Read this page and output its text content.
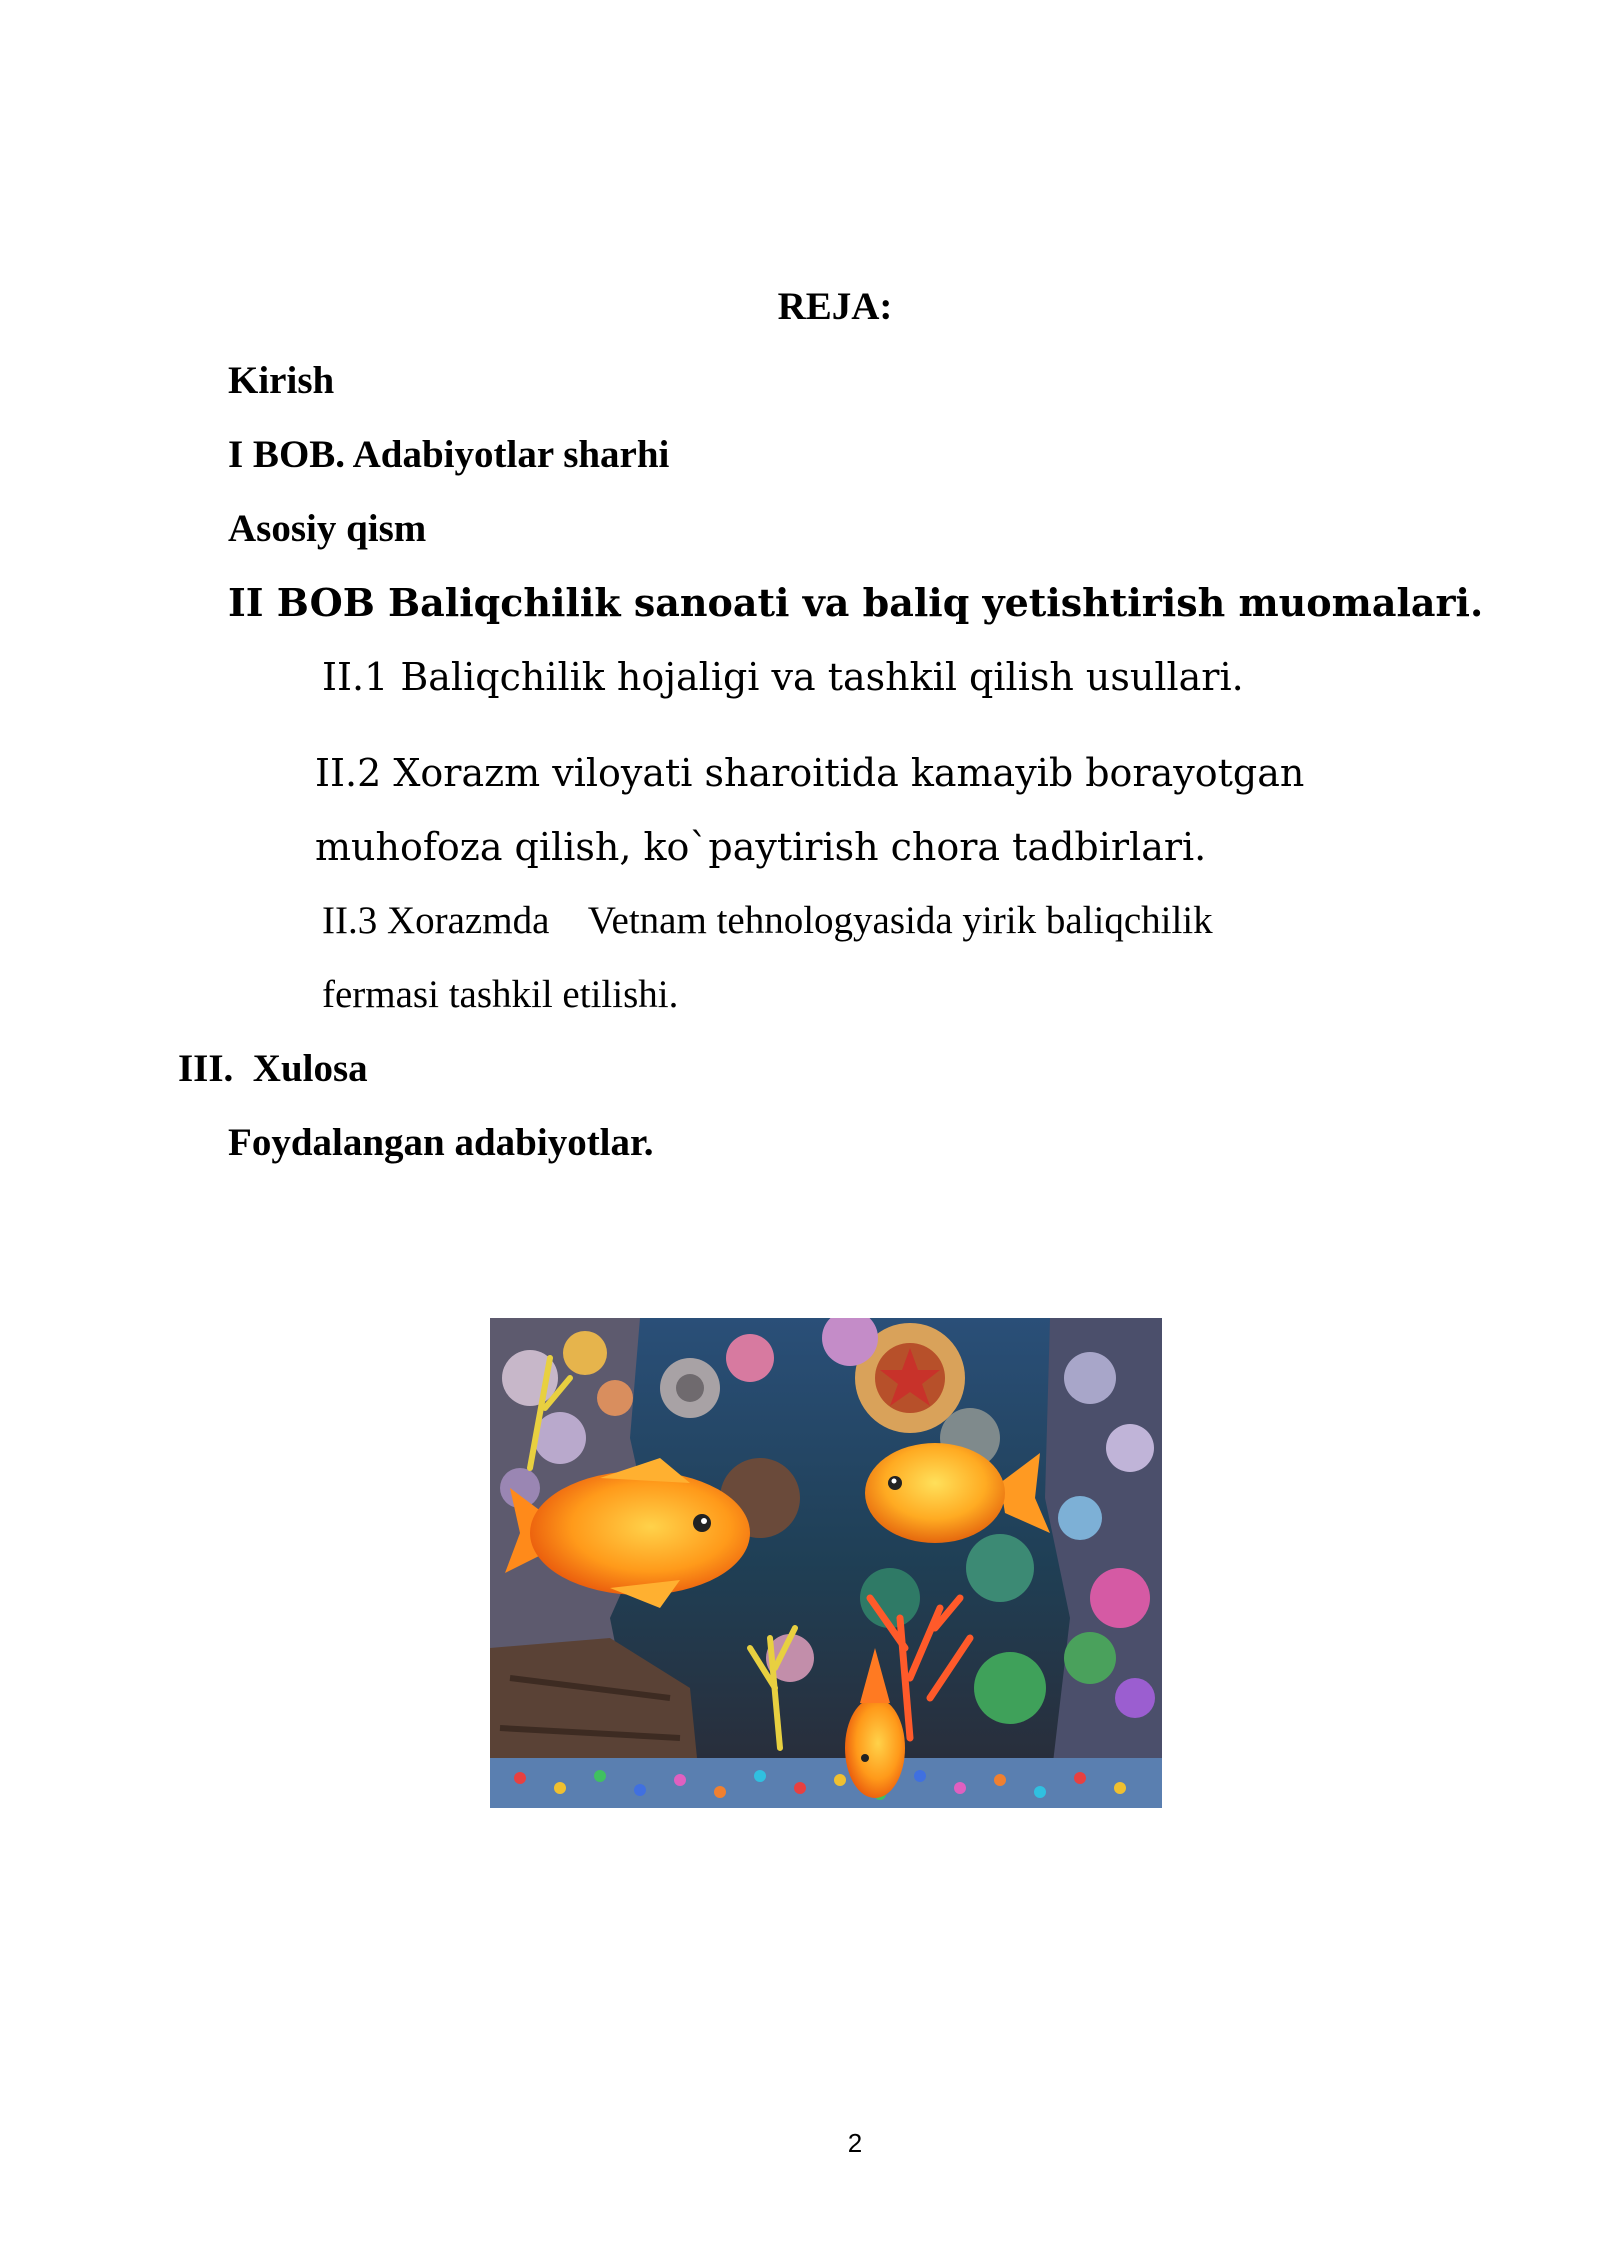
REJA:
Kirish
I BOB. Adabiyotlar sharhi
Asosiy qism
II BOB Baliqchilik sanoati va baliq yetishtirish muomalari.
II.1 Baliqchilik hojaligi va tashkil qilish usullari.
II.2 Xorazm viloyati sharoitida kamayib borayotgan
muhofoza qilish, ko`paytirish chora tadbirlari.
II.3 Xorazmda    Vetnam tehnologyasida yirik baliqchilik
fermasi tashkil etilishi.
III.  Xulosa
Foydalangan adabiyotlar.
2
